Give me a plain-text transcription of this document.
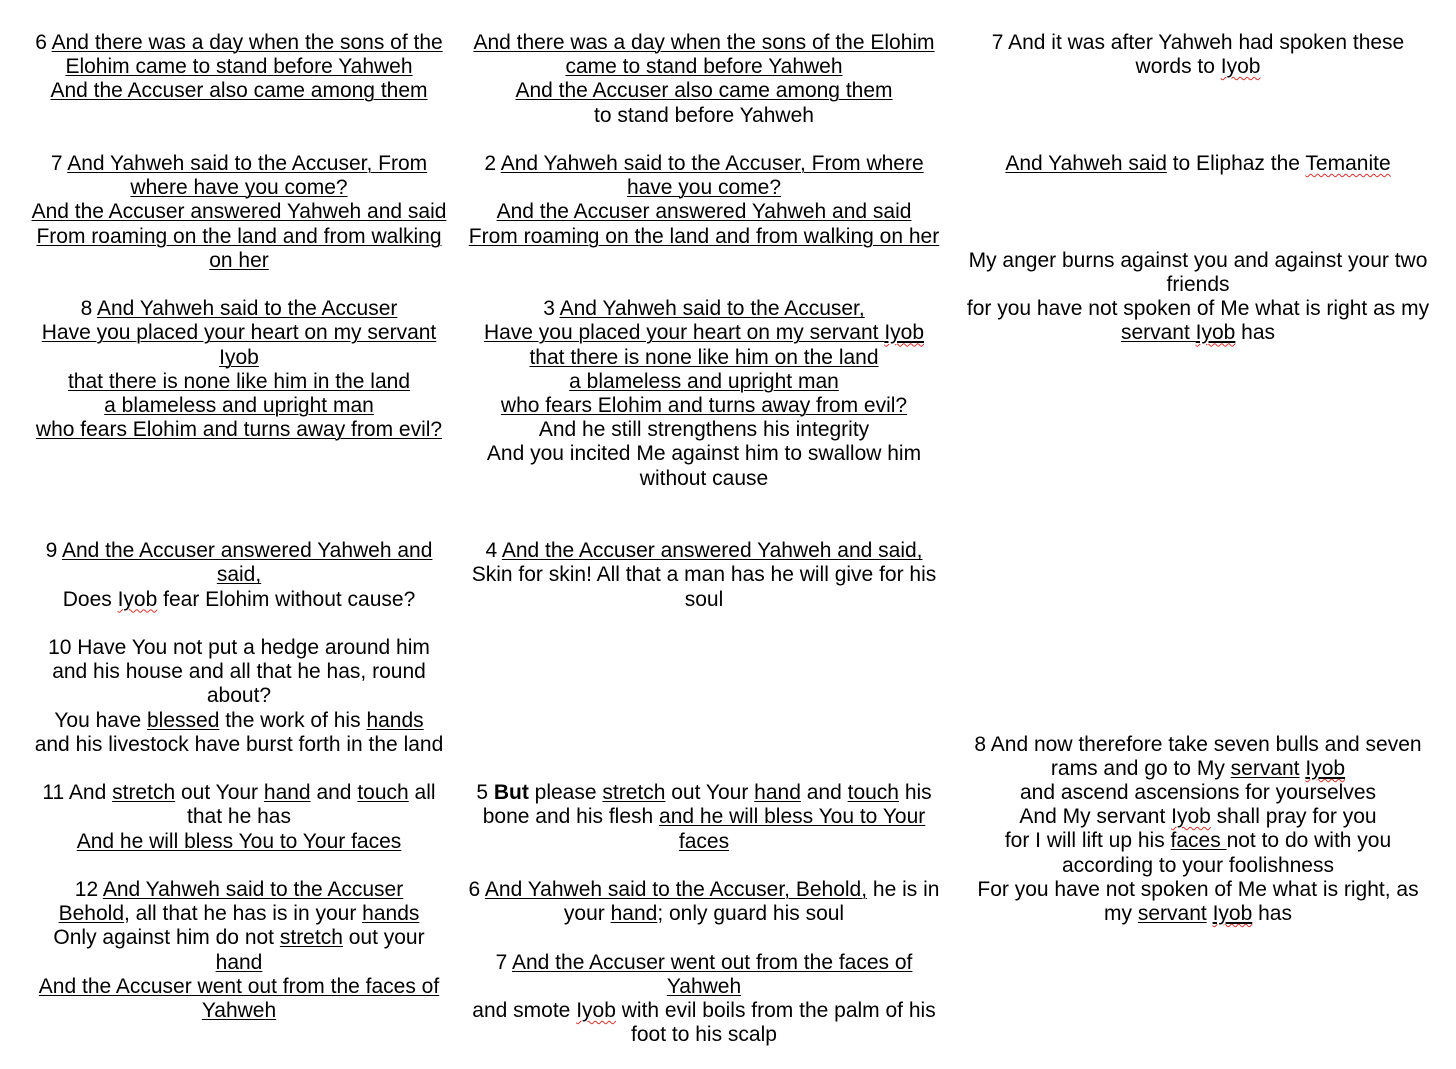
6 And there was a day when the sons of the
Elohim came to stand before Yahweh
And the Accuser also came among them
7 And Yahweh said to the Accuser, From
where have you come?
And the Accuser answered Yahweh and said
From roaming on the land and from walking
on her
8 And Yahweh said to the Accuser
Have you placed your heart on my servant
Iyob
that there is none like him in the land
a blameless and upright man
who fears Elohim and turns away from evil?
9 And the Accuser answered Yahweh and
said,
Does Iyob fear Elohim without cause?
10 Have You not put a hedge around him
and his house and all that he has, round
about?
You have blessed the work of his hands
and his livestock have burst forth in the land
11 And stretch out Your hand and touch all
that he has
And he will bless You to Your faces
12 And Yahweh said to the Accuser
Behold, all that he has is in your hands
Only against him do not stretch out your
hand
And the Accuser went out from the faces of
Yahweh
And there was a day when the sons of the Elohim
came to stand before Yahweh
And the Accuser also came among them
to stand before Yahweh
2 And Yahweh said to the Accuser, From where
have you come?
And the Accuser answered Yahweh and said
From roaming on the land and from walking on her
3 And Yahweh said to the Accuser,
Have you placed your heart on my servant Iyob
that there is none like him on the land
a blameless and upright man
who fears Elohim and turns away from evil?
And he still strengthens his integrity
And you incited Me against him to swallow him
without cause
4 And the Accuser answered Yahweh and said,
Skin for skin! All that a man has he will give for his
soul
5 But please stretch out Your hand and touch his
bone and his flesh and he will bless You to Your
faces
6 And Yahweh said to the Accuser, Behold, he is in
your hand; only guard his soul
7 And the Accuser went out from the faces of
Yahweh
and smote Iyob with evil boils from the palm of his
foot to his scalp
7 And it was after Yahweh had spoken these
words to Iyob
And Yahweh said to Eliphaz the Temanite
My anger burns against you and against your two
friends
for you have not spoken of Me what is right as my
servant Iyob has
8 And now therefore take seven bulls and seven
rams and go to My servant Iyob
and ascend ascensions for yourselves
And My servant Iyob shall pray for you
for I will lift up his faces not to do with you
according to your foolishness
For you have not spoken of Me what is right, as
my servant Iyob has
